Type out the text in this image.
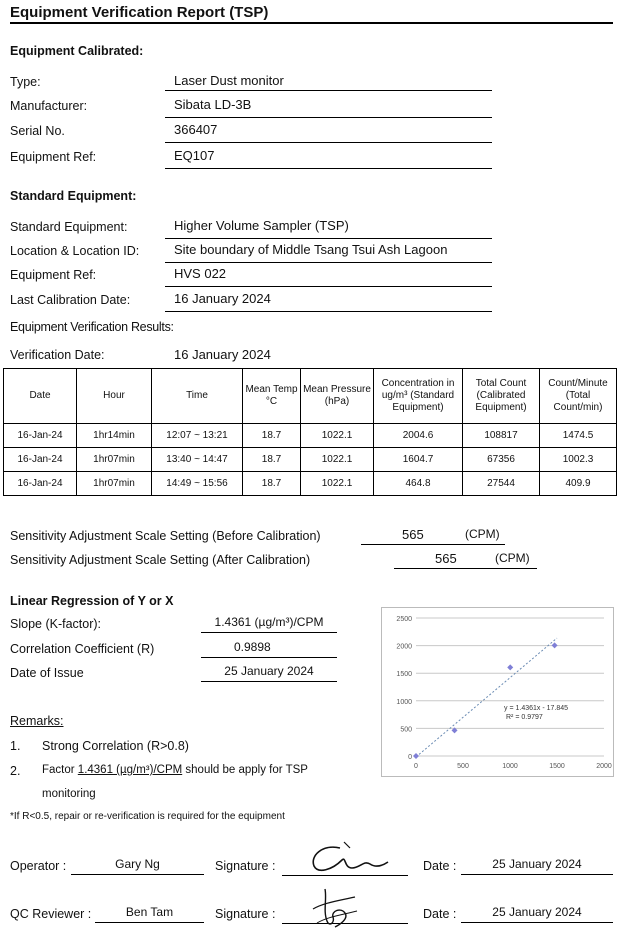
Equipment Verification Report (TSP)
Equipment Calibrated:
Type:	Laser Dust monitor
Manufacturer:	Sibata LD-3B
Serial No.	366407
Equipment Ref:	EQ107
Standard Equipment:
Standard Equipment:	Higher Volume Sampler (TSP)
Location & Location ID:	Site boundary of Middle Tsang Tsui Ash Lagoon
Equipment Ref:	HVS 022
Last Calibration Date:	16 January 2024
Equipment Verification Results:
Verification Date:	16 January 2024
Date	Hour	Time	Mean Temp °C	Mean Pressure (hPa)	Concentration in ug/m³ (Standard Equipment)	Total Count (Calibrated Equipment)	Count/Minute (Total Count/min)
16-Jan-24	1hr14min	12:07 ~ 13:21	18.7	1022.1	2004.6	108817	1474.5
16-Jan-24	1hr07min	13:40 ~ 14:47	18.7	1022.1	1604.7	67356	1002.3
16-Jan-24	1hr07min	14:49 ~ 15:56	18.7	1022.1	464.8	27544	409.9
Sensitivity Adjustment Scale Setting (Before Calibration)	565	(CPM)
Sensitivity Adjustment Scale Setting (After Calibration)	565	(CPM)
Linear Regression of Y or X
Slope (K-factor):	1.4361 (µg/m³)/CPM
Correlation Coefficient (R)	0.9898
Date of Issue	25 January 2024
0
500
1000
1500
2000
2500
0	500	1000	1500	2000
y = 1.4361x - 17.845
R² = 0.9797
Remarks:
1. Strong Correlation (R>0.8)
2. Factor 1.4361 (µg/m³)/CPM should be apply for TSP
monitoring
*If R<0.5, repair or re-verification is required for the equipment
Operator :	Gary Ng	Signature :	Date :	25 January 2024
QC Reviewer :	Ben Tam	Signature :	Date :	25 January 2024
